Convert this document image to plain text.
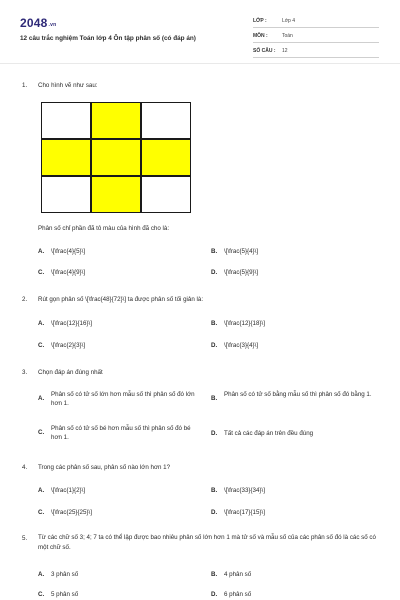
2048.vn
12 câu trắc nghiệm Toán lớp 4 Ôn tập phân số (có đáp án)
LỚP :	Lớp 4
MÔN :	Toán
SỐ CÂU : 12
1. Cho hình vẽ như sau:
Phân số chỉ phần đã tô màu của hình đã cho là:
A. \[\frac{4}{5}\]	B. \[\frac{5}{4}\]
C. \[\frac{4}{9}\]	D. \[\frac{5}{9}\]
2. Rút gọn phân số \[\frac{48}{72}\] ta được phân số tối giản là:
A. \[\frac{12}{16}\]	B. \[\frac{12}{18}\]
C. \[\frac{2}{3}\]	D. \[\frac{3}{4}\]
3. Chọn đáp án đúng nhất
A.
Phân số có tử số lớn hơn mẫu số thì phân số đó lớn hơn 1.
B.
Phân số có tử số bằng mẫu số thì phân số đó bằng 1.
C.
Phân số có tử số bé hơn mẫu số thì phân số đó bé hơn 1.
D. Tất cả các đáp án trên đều đúng
4. Trong các phân số sau, phân số nào lớn hơn 1?
A. \[\frac{1}{2}\]	B. \[\frac{33}{34}\]
C. \[\frac{25}{25}\]	D. \[\frac{17}{15}\]
5. Từ các chữ số 3; 4; 7 ta có thể lập được bao nhiêu phân số lớn hơn 1 mà tử số và mẫu số của các phân số đó là các số có một chữ số.
A. 3 phân số	B. 4 phân số
C. 5 phân số	D. 6 phân số
